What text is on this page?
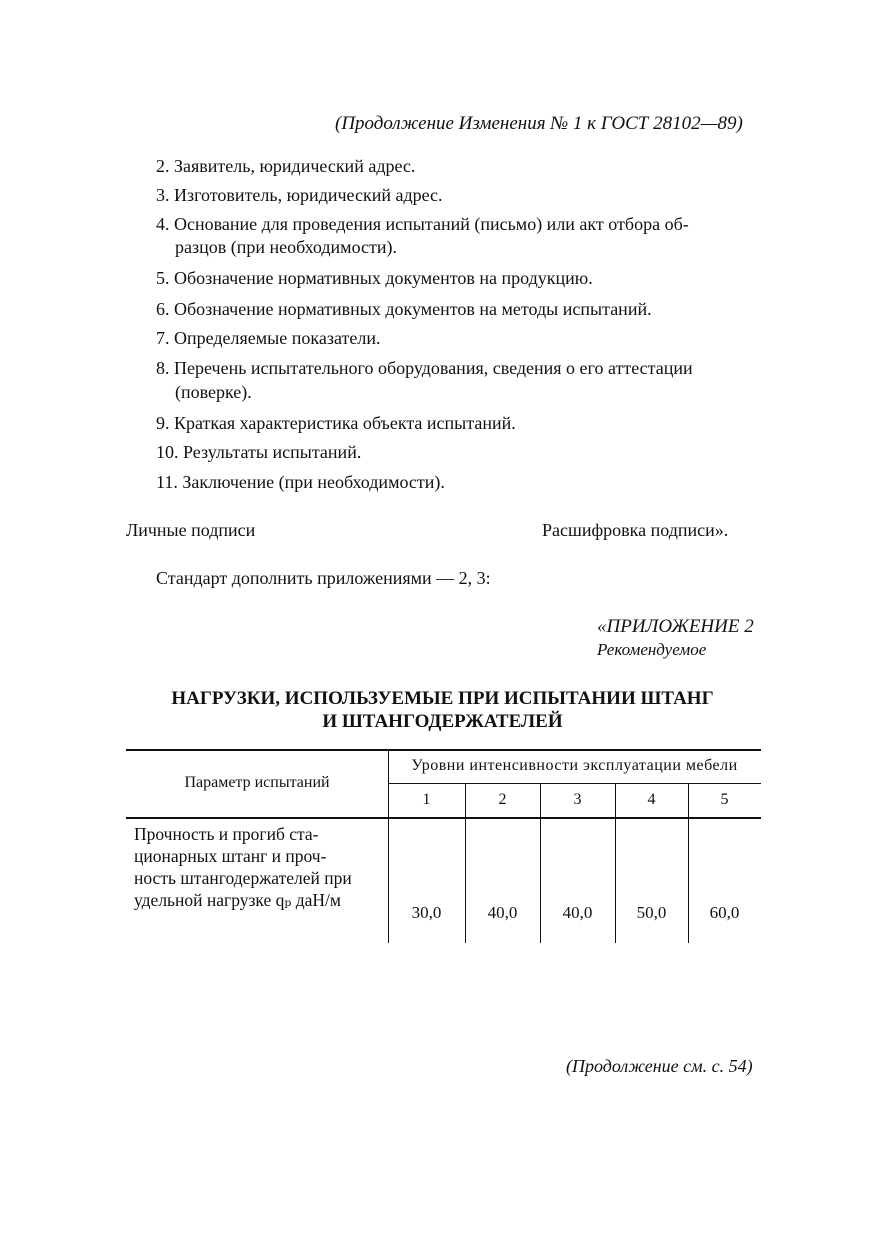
(Продолжение Изменения № 1 к ГОСТ 28102—89)
2. Заявитель, юридический адрес.
3. Изготовитель, юридический адрес.
4. Основание для проведения испытаний (письмо) или акт отбора об-
разцов (при необходимости).
5. Обозначение нормативных документов на продукцию.
6. Обозначение нормативных документов на методы испытаний.
7. Определяемые показатели.
8. Перечень испытательного оборудования, сведения о его аттестации
(поверке).
9. Краткая характеристика объекта испытаний.
10. Результаты испытаний.
11. Заключение (при необходимости).
Личные подписи	Расшифровка подписи».
Стандарт дополнить приложениями — 2, 3:
«ПРИЛОЖЕНИЕ 2
Рекомендуемое
НАГРУЗКИ, ИСПОЛЬЗУЕМЫЕ ПРИ ИСПЫТАНИИ ШТАНГ
И ШТАНГОДЕРЖАТЕЛЕЙ
Параметр испытаний
Уровни интенсивности эксплуатации мебели
1	2	3	4	5
Прочность и прогиб ста-
ционарных штанг и проч-
ность штангодержателей при
удельной нагрузке qₚ даН/м
30,0	40,0	40,0	50,0	60,0
(Продолжение см. с. 54)
